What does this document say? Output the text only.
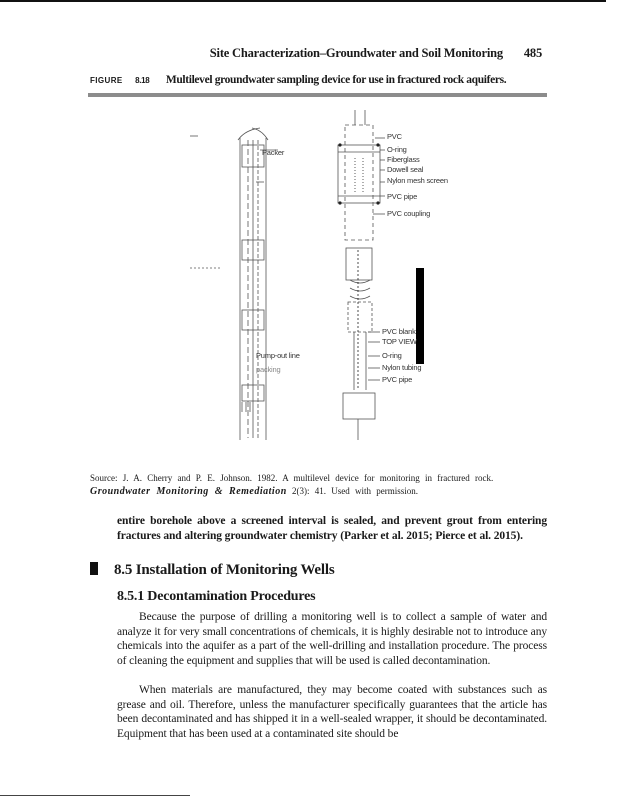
Site Characterization–Groundwater and Soil Monitoring 485
FIGURE 8.18 Multilevel groundwater sampling device for use in fractured rock aquifers.
Packer
PVC
O-ring
Fiberglass
Dowell seal
Nylon mesh screen
PVC pipe
PVC coupling
PVC blank
TOP VIEW
O-ring
Nylon tubing
PVC pipe
Pump-out line
packing
Source: J. A. Cherry and P. E. Johnson. 1982. A multilevel device for monitoring in fractured rock. Groundwater Monitoring & Remediation 2(3): 41. Used with permission.

entire borehole above a screened interval is sealed, and prevent grout from entering fractures and altering groundwater chemistry (Parker et al. 2015; Pierce et al. 2015).

8.5 Installation of Monitoring Wells
8.5.1 Decontamination Procedures

Because the purpose of drilling a monitoring well is to collect a sample of water and analyze it for very small concentrations of chemicals, it is highly desirable not to introduce any chemicals into the aquifer as a part of the well-drilling and installation procedure. The process of cleaning the equipment and supplies that will be used is called decontamination.

When materials are manufactured, they may become coated with substances such as grease and oil. Therefore, unless the manufacturer specifically guarantees that the article has been decontaminated and has shipped it in a well-sealed wrapper, it should be decontaminated. Equipment that has been used at a contaminated site should be
